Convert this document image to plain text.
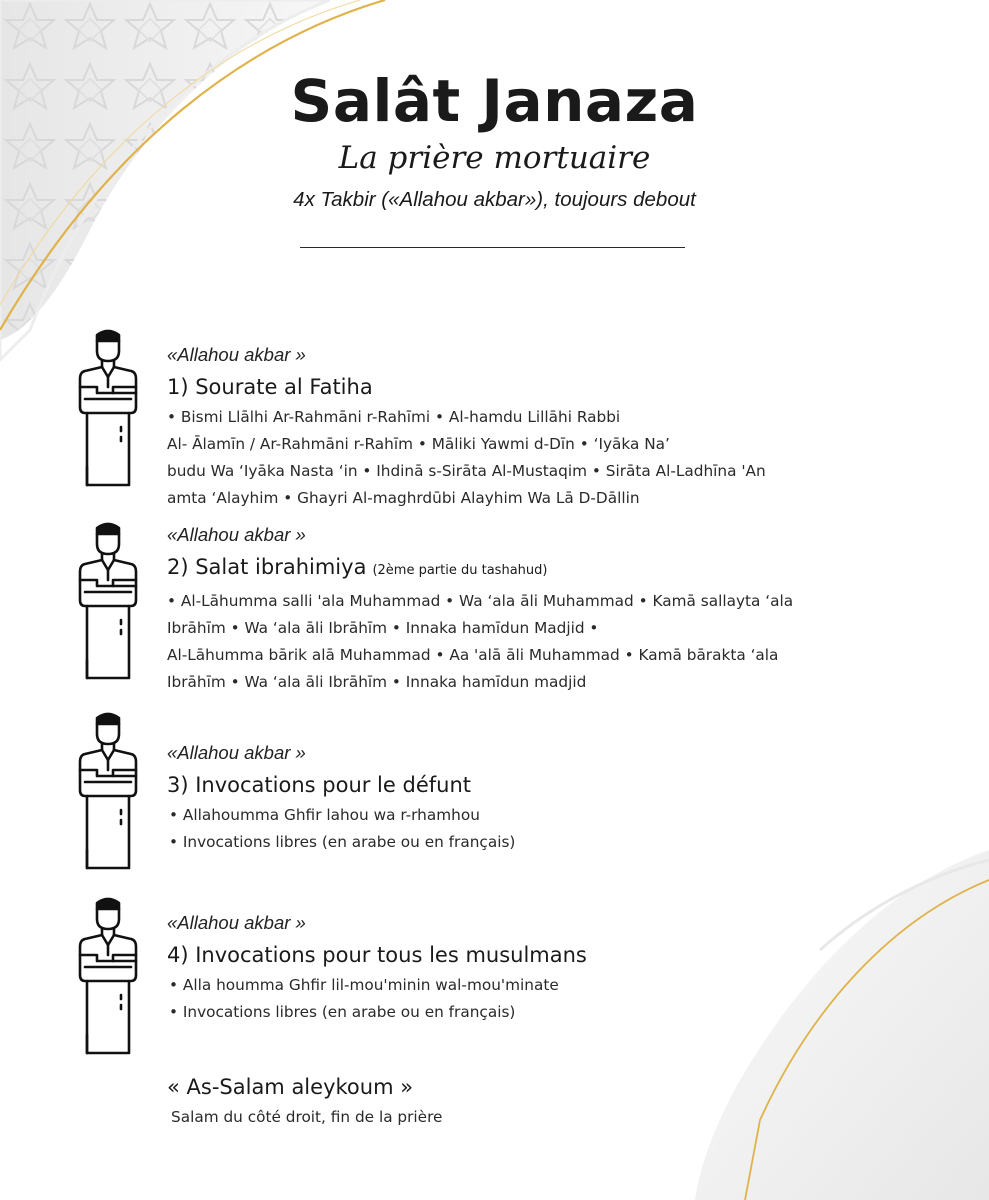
Salât Janaza
La prière mortuaire
4x Takbir («Allahou akbar»), toujours debout
«Allahou akbar »
1) Sourate al Fatiha
• Bismi Llālhi Ar-Rahmāni r-Rahīmi • Al-hamdu Lillāhi Rabbi
Al- Ālamīn / Ar-Rahmāni r-Rahīm • Māliki Yawmi d-Dīn • ‘Iyāka Na’
budu Wa ‘Iyāka Nasta ‘in • Ihdinā s-Sirāta Al-Mustaqim • Sirāta Al-Ladhīna 'An
amta ‘Alayhim • Ghayri Al-maghrdūbi Alayhim Wa Lā D-Dāllin
«Allahou akbar »
2) Salat ibrahimiya (2ème partie du tashahud)
• Al-Lāhumma salli 'ala Muhammad • Wa ‘ala āli Muhammad • Kamā sallayta ‘ala
Ibrāhīm • Wa ‘ala āli Ibrāhīm • Innaka hamīdun Madjid •
Al-Lāhumma bārik alā Muhammad • Aa 'alā āli Muhammad • Kamā bārakta ‘ala
Ibrāhīm • Wa ‘ala āli Ibrāhīm • Innaka hamīdun madjid
«Allahou akbar »
3) Invocations pour le défunt
• Allahoumma Ghfir lahou wa r-rhamhou
• Invocations libres (en arabe ou en français)
«Allahou akbar »
4) Invocations pour tous les musulmans
• Alla houmma Ghfir lil-mou'minin wal-mou'minate
• Invocations libres (en arabe ou en français)
« As-Salam aleykoum »
Salam du côté droit, fin de la prière
